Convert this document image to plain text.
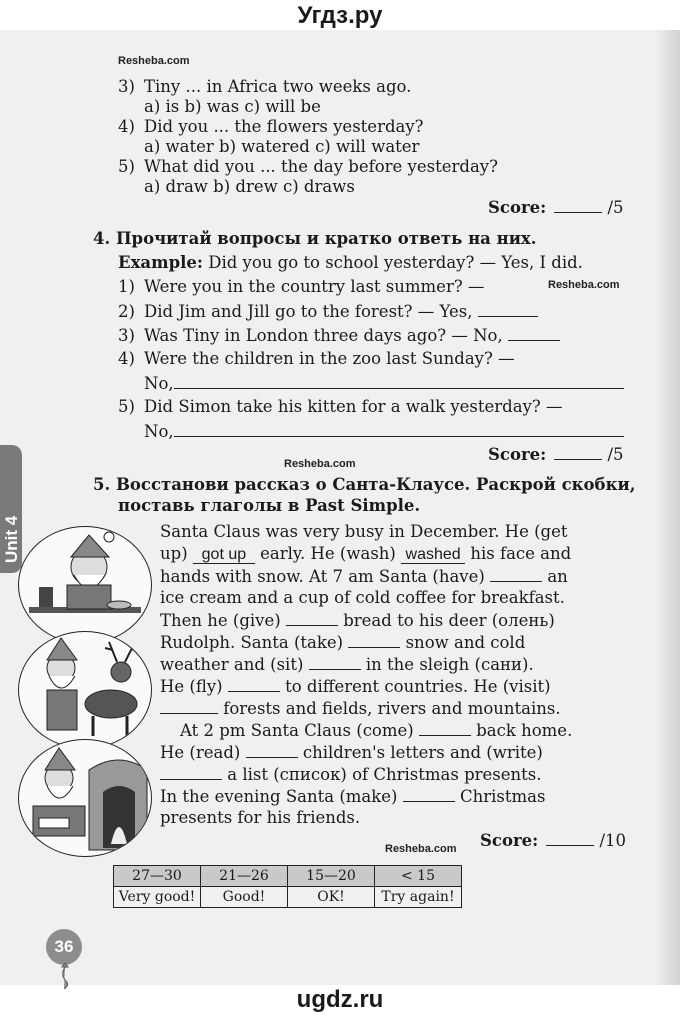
Угдз.ру
Resheba.com
Resheba.com
Resheba.com
Resheba.com
3) Tiny ... in Africa two weeks ago.
a) is b) was c) will be
4) Did you ... the flowers yesterday?
a) water b) watered c) will water
5) What did you ... the day before yesterday?
a) draw b) drew c) draws
Score:	/5
4. Прочитай вопросы и кратко ответь на них.
Example: Did you go to school yesterday? — Yes, I did.
1) Were you in the country last summer? —
2) Did Jim and Jill go to the forest? — Yes,
3) Was Tiny in London three days ago? — No,
4) Were the children in the zoo last Sunday? —
No,
5) Did Simon take his kitten for a walk yesterday? —
No,
Score:	/5
Unit 4
5. Восстанови рассказ о Санта-Клаусе. Раскрой скобки,
поставь глаголы в Past Simple.
Santa Claus was very busy in December. He (get
up) got up early. He (wash) washed his face and
hands with snow. At 7 am Santa (have)	an
ice cream and a cup of cold coffee for breakfast.
Then he (give)	bread to his deer (олень)
Rudolph. Santa (take)	snow and cold
weather and (sit)	in the sleigh (сани).
He (fly)	to different countries. He (visit)
forests and fields, rivers and mountains.
At 2 pm Santa Claus (come)	back home.
He (read)	children's letters and (write)
a list (список) of Christmas presents.
In the evening Santa (make)	Christmas
presents for his friends.
Score:	/10
27—30	21—26	15—20	< 15
Very good!	Good!	OK!	Try again!
36
ugdz.ru
